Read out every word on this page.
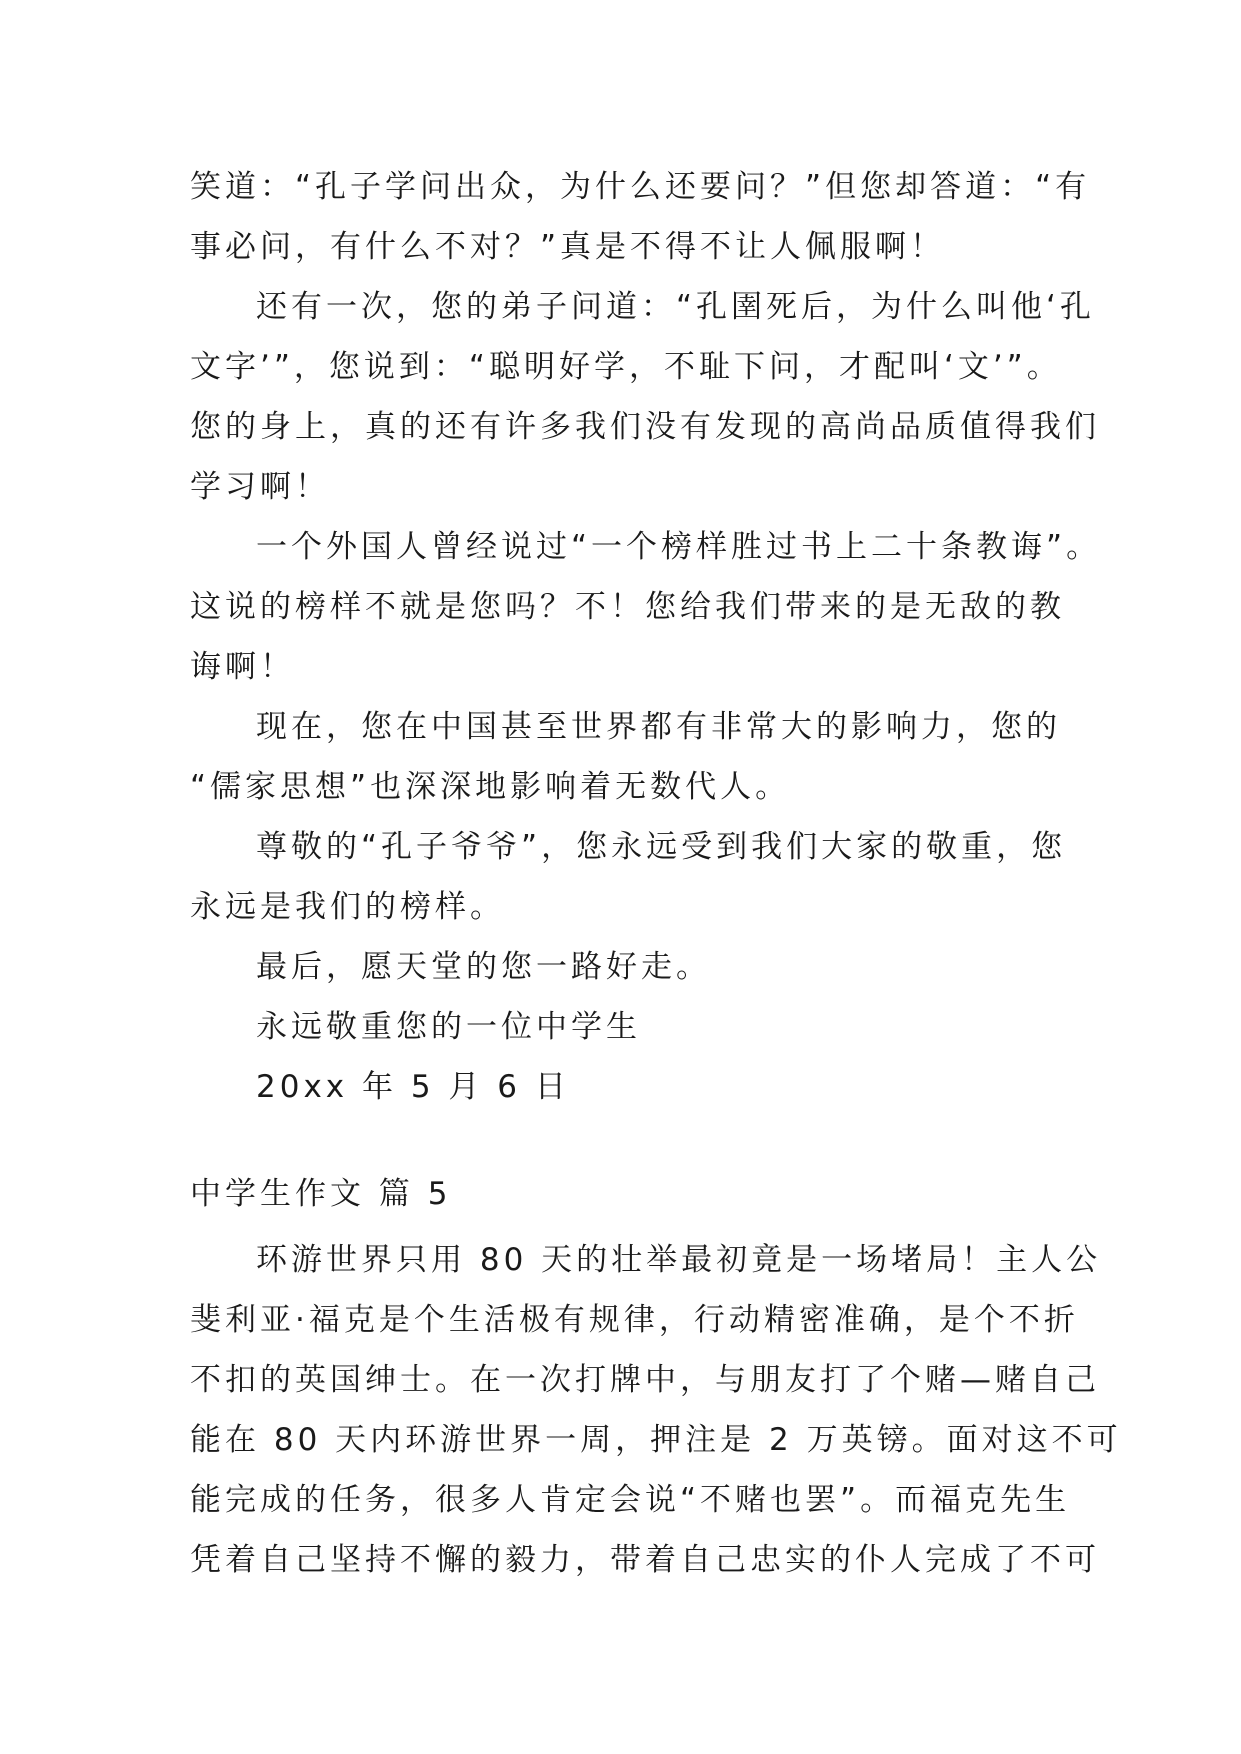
笑道：“孔子学问出众，为什么还要问？”但您却答道：“有
事必问，有什么不对？”真是不得不让人佩服啊！
还有一次，您的弟子问道：“孔圉死后，为什么叫他‘孔
文字’”，您说到：“聪明好学，不耻下问，才配叫‘文’”。
您的身上，真的还有许多我们没有发现的高尚品质值得我们
学习啊！
一个外国人曾经说过“一个榜样胜过书上二十条教诲”。
这说的榜样不就是您吗？不！您给我们带来的是无敌的教
诲啊！
现在，您在中国甚至世界都有非常大的影响力，您的
“儒家思想”也深深地影响着无数代人。
尊敬的“孔子爷爷”，您永远受到我们大家的敬重，您
永远是我们的榜样。
最后，愿天堂的您一路好走。
永远敬重您的一位中学生
20xx 年 5 月 6 日
中学生作文 篇 5
环游世界只用 80 天的壮举最初竟是一场堵局！主人公
斐利亚·福克是个生活极有规律，行动精密准确，是个不折
不扣的英国绅士。在一次打牌中，与朋友打了个赌—赌自己
能在 80 天内环游世界一周，押注是 2 万英镑。面对这不可
能完成的任务，很多人肯定会说“不赌也罢”。而福克先生
凭着自己坚持不懈的毅力，带着自己忠实的仆人完成了不可
